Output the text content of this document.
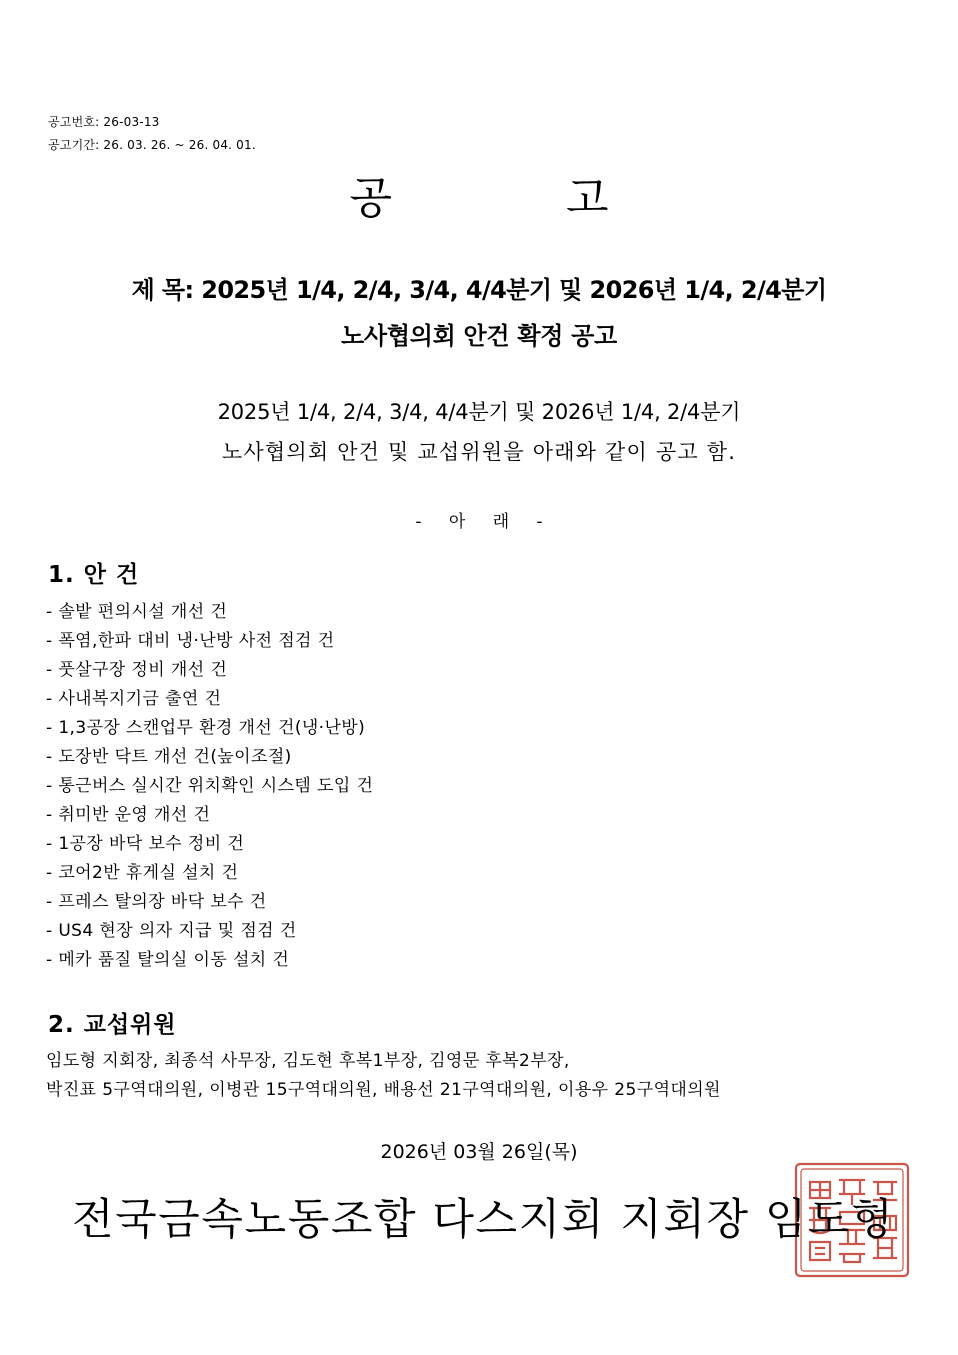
공고번호: 26-03-13
공고기간: 26. 03. 26. ~ 26. 04. 01.
공 고
제 목: 2025년 1/4, 2/4, 3/4, 4/4분기 및 2026년 1/4, 2/4분기
노사협의회 안건 확정 공고
2025년 1/4, 2/4, 3/4, 4/4분기 및 2026년 1/4, 2/4분기
노사협의회 안건 및 교섭위원을 아래와 같이 공고 함.
- 아 래 -
1. 안 건
- 솔밭 편의시설 개선 건
- 폭염,한파 대비 냉·난방 사전 점검 건
- 풋살구장 정비 개선 건
- 사내복지기금 출연 건
- 1,3공장 스캔업무 환경 개선 건(냉·난방)
- 도장반 닥트 개선 건(높이조절)
- 통근버스 실시간 위치확인 시스템 도입 건
- 취미반 운영 개선 건
- 1공장 바닥 보수 정비 건
- 코어2반 휴게실 설치 건
- 프레스 탈의장 바닥 보수 건
- US4 현장 의자 지급 및 점검 건
- 메카 품질 탈의실 이동 설치 건
2. 교섭위원
임도형 지회장, 최종석 사무장, 김도현 후복1부장, 김영문 후복2부장,
박진표 5구역대의원, 이병관 15구역대의원, 배용선 21구역대의원, 이용우 25구역대의원
2026년 03월 26일(목)
전국금속노동조합 다스지회 지회장 임도형
